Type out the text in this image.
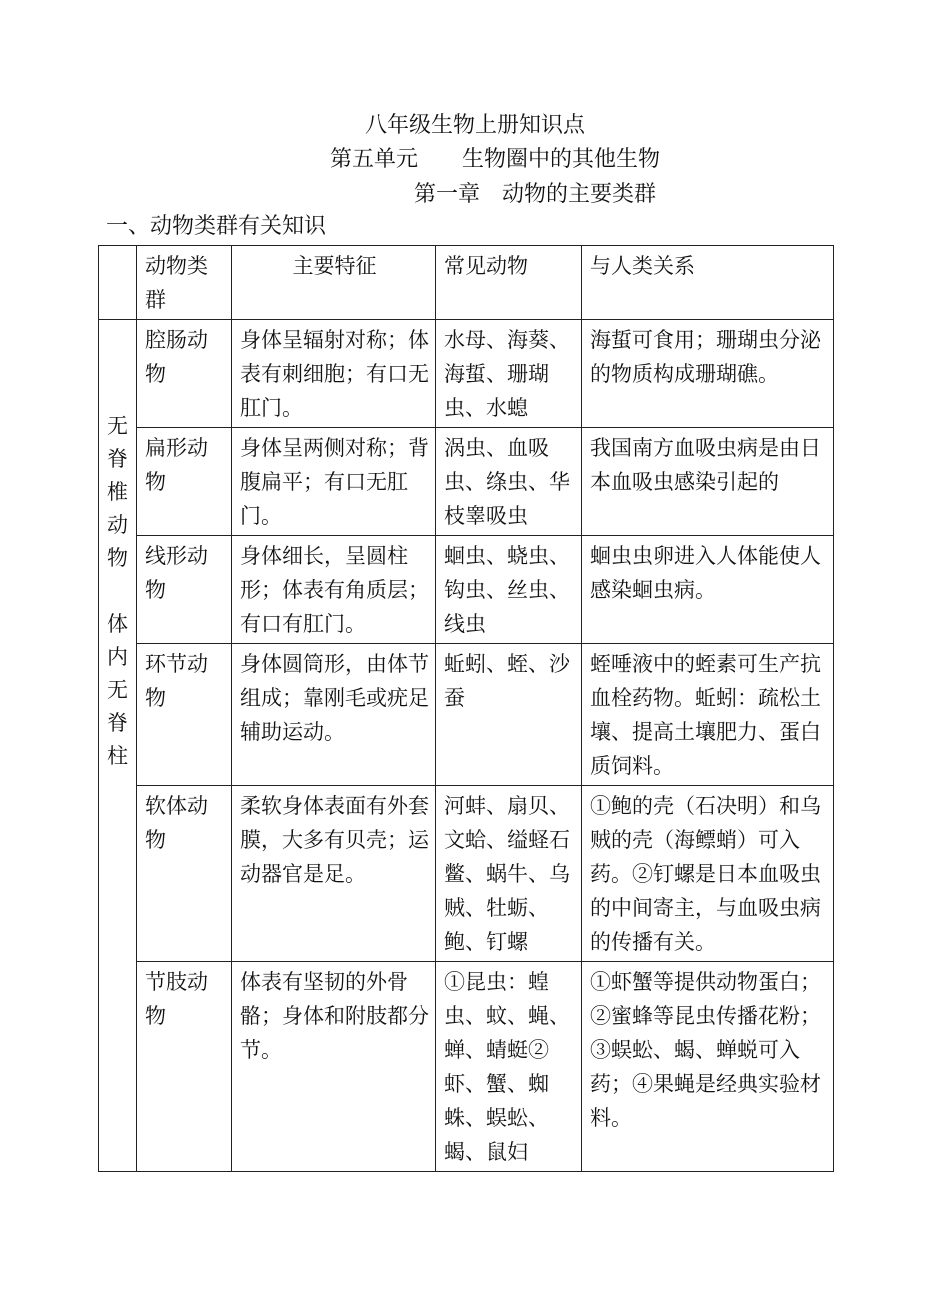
八年级生物上册知识点
第五单元　　生物圈中的其他生物
第一章　动物的主要类群
一、动物类群有关知识
	动物类群	主要特征	常见动物	与人类关系

无脊椎动物
体内无脊柱	腔肠动物	身体呈辐射对称；体表有刺细胞；有口无肛门。	水母、海葵、海蜇、珊瑚虫、水螅	海蜇可食用；珊瑚虫分泌的物质构成珊瑚礁。
	扁形动物	身体呈两侧对称；背腹扁平；有口无肛门。	涡虫、血吸虫、绦虫、华枝睾吸虫	我国南方血吸虫病是由日本血吸虫感染引起的
	线形动物	身体细长，呈圆柱形；体表有角质层；有口有肛门。	蛔虫、蛲虫、钩虫、丝虫、线虫	蛔虫虫卵进入人体能使人感染蛔虫病。
	环节动物	身体圆筒形，由体节组成；靠刚毛或疣足辅助运动。	蚯蚓、蛭、沙蚕	蛭唾液中的蛭素可生产抗血栓药物。蚯蚓：疏松土壤、提高土壤肥力、蛋白质饲料。
	软体动物	柔软身体表面有外套膜，大多有贝壳；运动器官是足。	河蚌、扇贝、文蛤、缢蛏石鳖、蜗牛、乌贼、牡蛎、鲍、钉螺	①鲍的壳（石决明）和乌贼的壳（海鳔蛸）可入药。②钉螺是日本血吸虫的中间寄主，与血吸虫病的传播有关。
	节肢动物	体表有坚韧的外骨骼；身体和附肢都分节。	①昆虫：蝗虫、蚊、蝇、蝉、蜻蜓②虾、蟹、蜘蛛、蜈蚣、蝎、鼠妇	①虾蟹等提供动物蛋白；②蜜蜂等昆虫传播花粉；③蜈蚣、蝎、蝉蜕可入药；④果蝇是经典实验材料。
